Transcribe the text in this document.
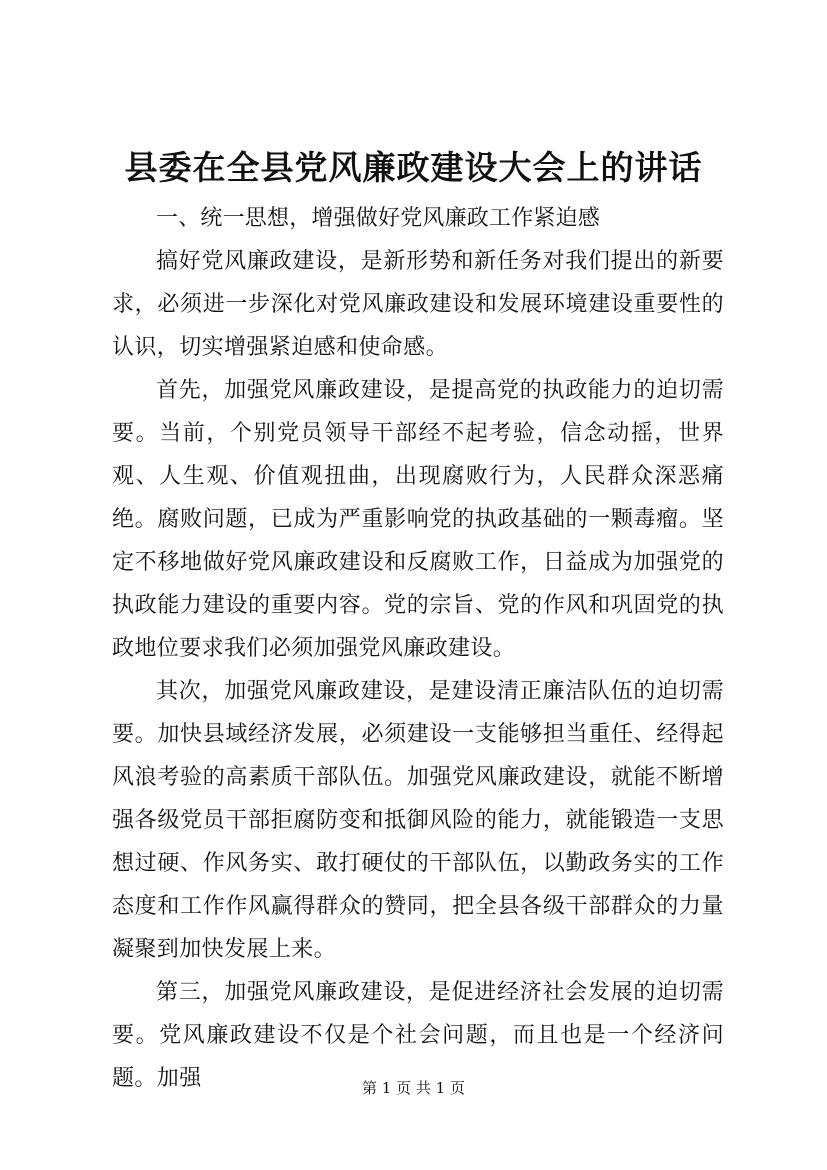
县委在全县党风廉政建设大会上的讲话

一、统一思想，增强做好党风廉政工作紧迫感

搞好党风廉政建设，是新形势和新任务对我们提出的新要求，必须进一步深化对党风廉政建设和发展环境建设重要性的认识，切实增强紧迫感和使命感。

首先，加强党风廉政建设，是提高党的执政能力的迫切需要。当前，个别党员领导干部经不起考验，信念动摇，世界观、人生观、价值观扭曲，出现腐败行为，人民群众深恶痛绝。腐败问题，已成为严重影响党的执政基础的一颗毒瘤。坚定不移地做好党风廉政建设和反腐败工作，日益成为加强党的执政能力建设的重要内容。党的宗旨、党的作风和巩固党的执政地位要求我们必须加强党风廉政建设。

其次，加强党风廉政建设，是建设清正廉洁队伍的迫切需要。加快县域经济发展，必须建设一支能够担当重任、经得起风浪考验的高素质干部队伍。加强党风廉政建设，就能不断增强各级党员干部拒腐防变和抵御风险的能力，就能锻造一支思想过硬、作风务实、敢打硬仗的干部队伍，以勤政务实的工作态度和工作作风赢得群众的赞同，把全县各级干部群众的力量凝聚到加快发展上来。

第三，加强党风廉政建设，是促进经济社会发展的迫切需要。党风廉政建设不仅是个社会问题，而且也是一个经济问题。加强	第 1 页 共 1 页
